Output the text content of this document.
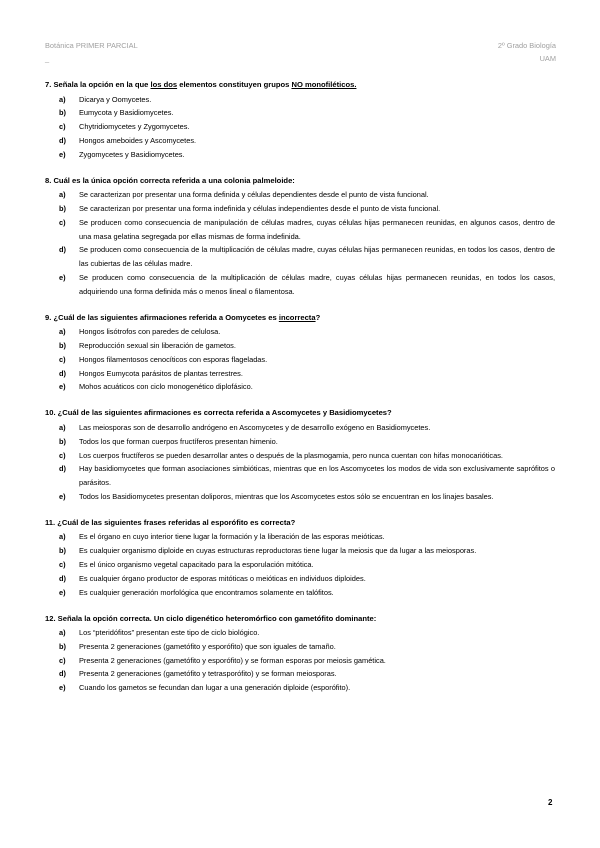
Botánica PRIMER PARCIAL	2º Grado Biología
_	UAM
7. Señala la opción en la que los dos elementos constituyen grupos NO monofiléticos.
a)	Dicarya y Oomycetes.
b)	Eumycota y Basidiomycetes.
c)	Chytridiomycetes y Zygomycetes.
d)	Hongos ameboides y Ascomycetes.
e)	Zygomycetes y Basidiomycetes.
8. Cuál es la única opción correcta referida a una colonia palmeloide:
a)	Se caracterizan por presentar una forma definida y células dependientes desde el punto de vista funcional.
b)	Se caracterizan por presentar una forma indefinida y células independientes desde el punto de vista funcional.
c)	Se producen como consecuencia de manipulación de células madres, cuyas células hijas permanecen reunidas, en algunos casos, dentro de una masa gelatina segregada por ellas mismas de forma indefinida.
d)	Se producen como consecuencia de la multiplicación de células madre, cuyas células hijas permanecen reunidas, en todos los casos, dentro de las cubiertas de las células madre.
e)	Se producen como consecuencia de la multiplicación de células madre, cuyas células hijas permanecen reunidas, en todos los casos, adquiriendo una forma definida más o menos lineal o filamentosa.
9. ¿Cuál de las siguientes afirmaciones referida a Oomycetes es incorrecta?
a)	Hongos lisótrofos con paredes de celulosa.
b)	Reproducción sexual sin liberación de gametos.
c)	Hongos filamentosos cenocíticos con esporas flageladas.
d)	Hongos Eumycota parásitos de plantas terrestres.
e)	Mohos acuáticos con ciclo monogenético diplofásico.
10. ¿Cuál de las siguientes afirmaciones es correcta referida a Ascomycetes y Basidiomycetes?
a)	Las meiosporas son de desarrollo andrógeno en Ascomycetes y de desarrollo exógeno en Basidiomycetes.
b)	Todos los que forman cuerpos fructíferos presentan himenio.
c)	Los cuerpos fructíferos se pueden desarrollar antes o después de la plasmogamia, pero nunca cuentan con hifas monocarióticas.
d)	Hay basidiomycetes que forman asociaciones simbióticas, mientras que en los Ascomycetes los modos de vida son exclusivamente saprófitos o parásitos.
e)	Todos los Basidiomycetes presentan doliporos, mientras que los Ascomycetes estos sólo se encuentran en los linajes basales.
11. ¿Cuál de las siguientes frases referidas al esporófito es correcta?
a)	Es el órgano en cuyo interior tiene lugar la formación y la liberación de las esporas meióticas.
b)	Es cualquier organismo diploide en cuyas estructuras reproductoras tiene lugar la meiosis que da lugar a las meiosporas.
c)	Es el único organismo vegetal capacitado para la esporulación mitótica.
d)	Es cualquier órgano productor de esporas mitóticas o meióticas en individuos diploides.
e)	Es cualquier generación morfológica que encontramos solamente en talófitos.
12. Señala la opción correcta. Un ciclo digenético heteromórfico con gametófito dominante:
a)	Los “pteridófitos” presentan este tipo de ciclo biológico.
b)	Presenta 2 generaciones (gametófito y esporófito) que son iguales de tamaño.
c)	Presenta 2 generaciones (gametófito y esporófito) y se forman esporas por meiosis gamética.
d)	Presenta 2 generaciones (gametófito y tetrasporófito) y se forman meiosporas.
e)	Cuando los gametos se fecundan dan lugar a una generación diploide (esporófito).
2
